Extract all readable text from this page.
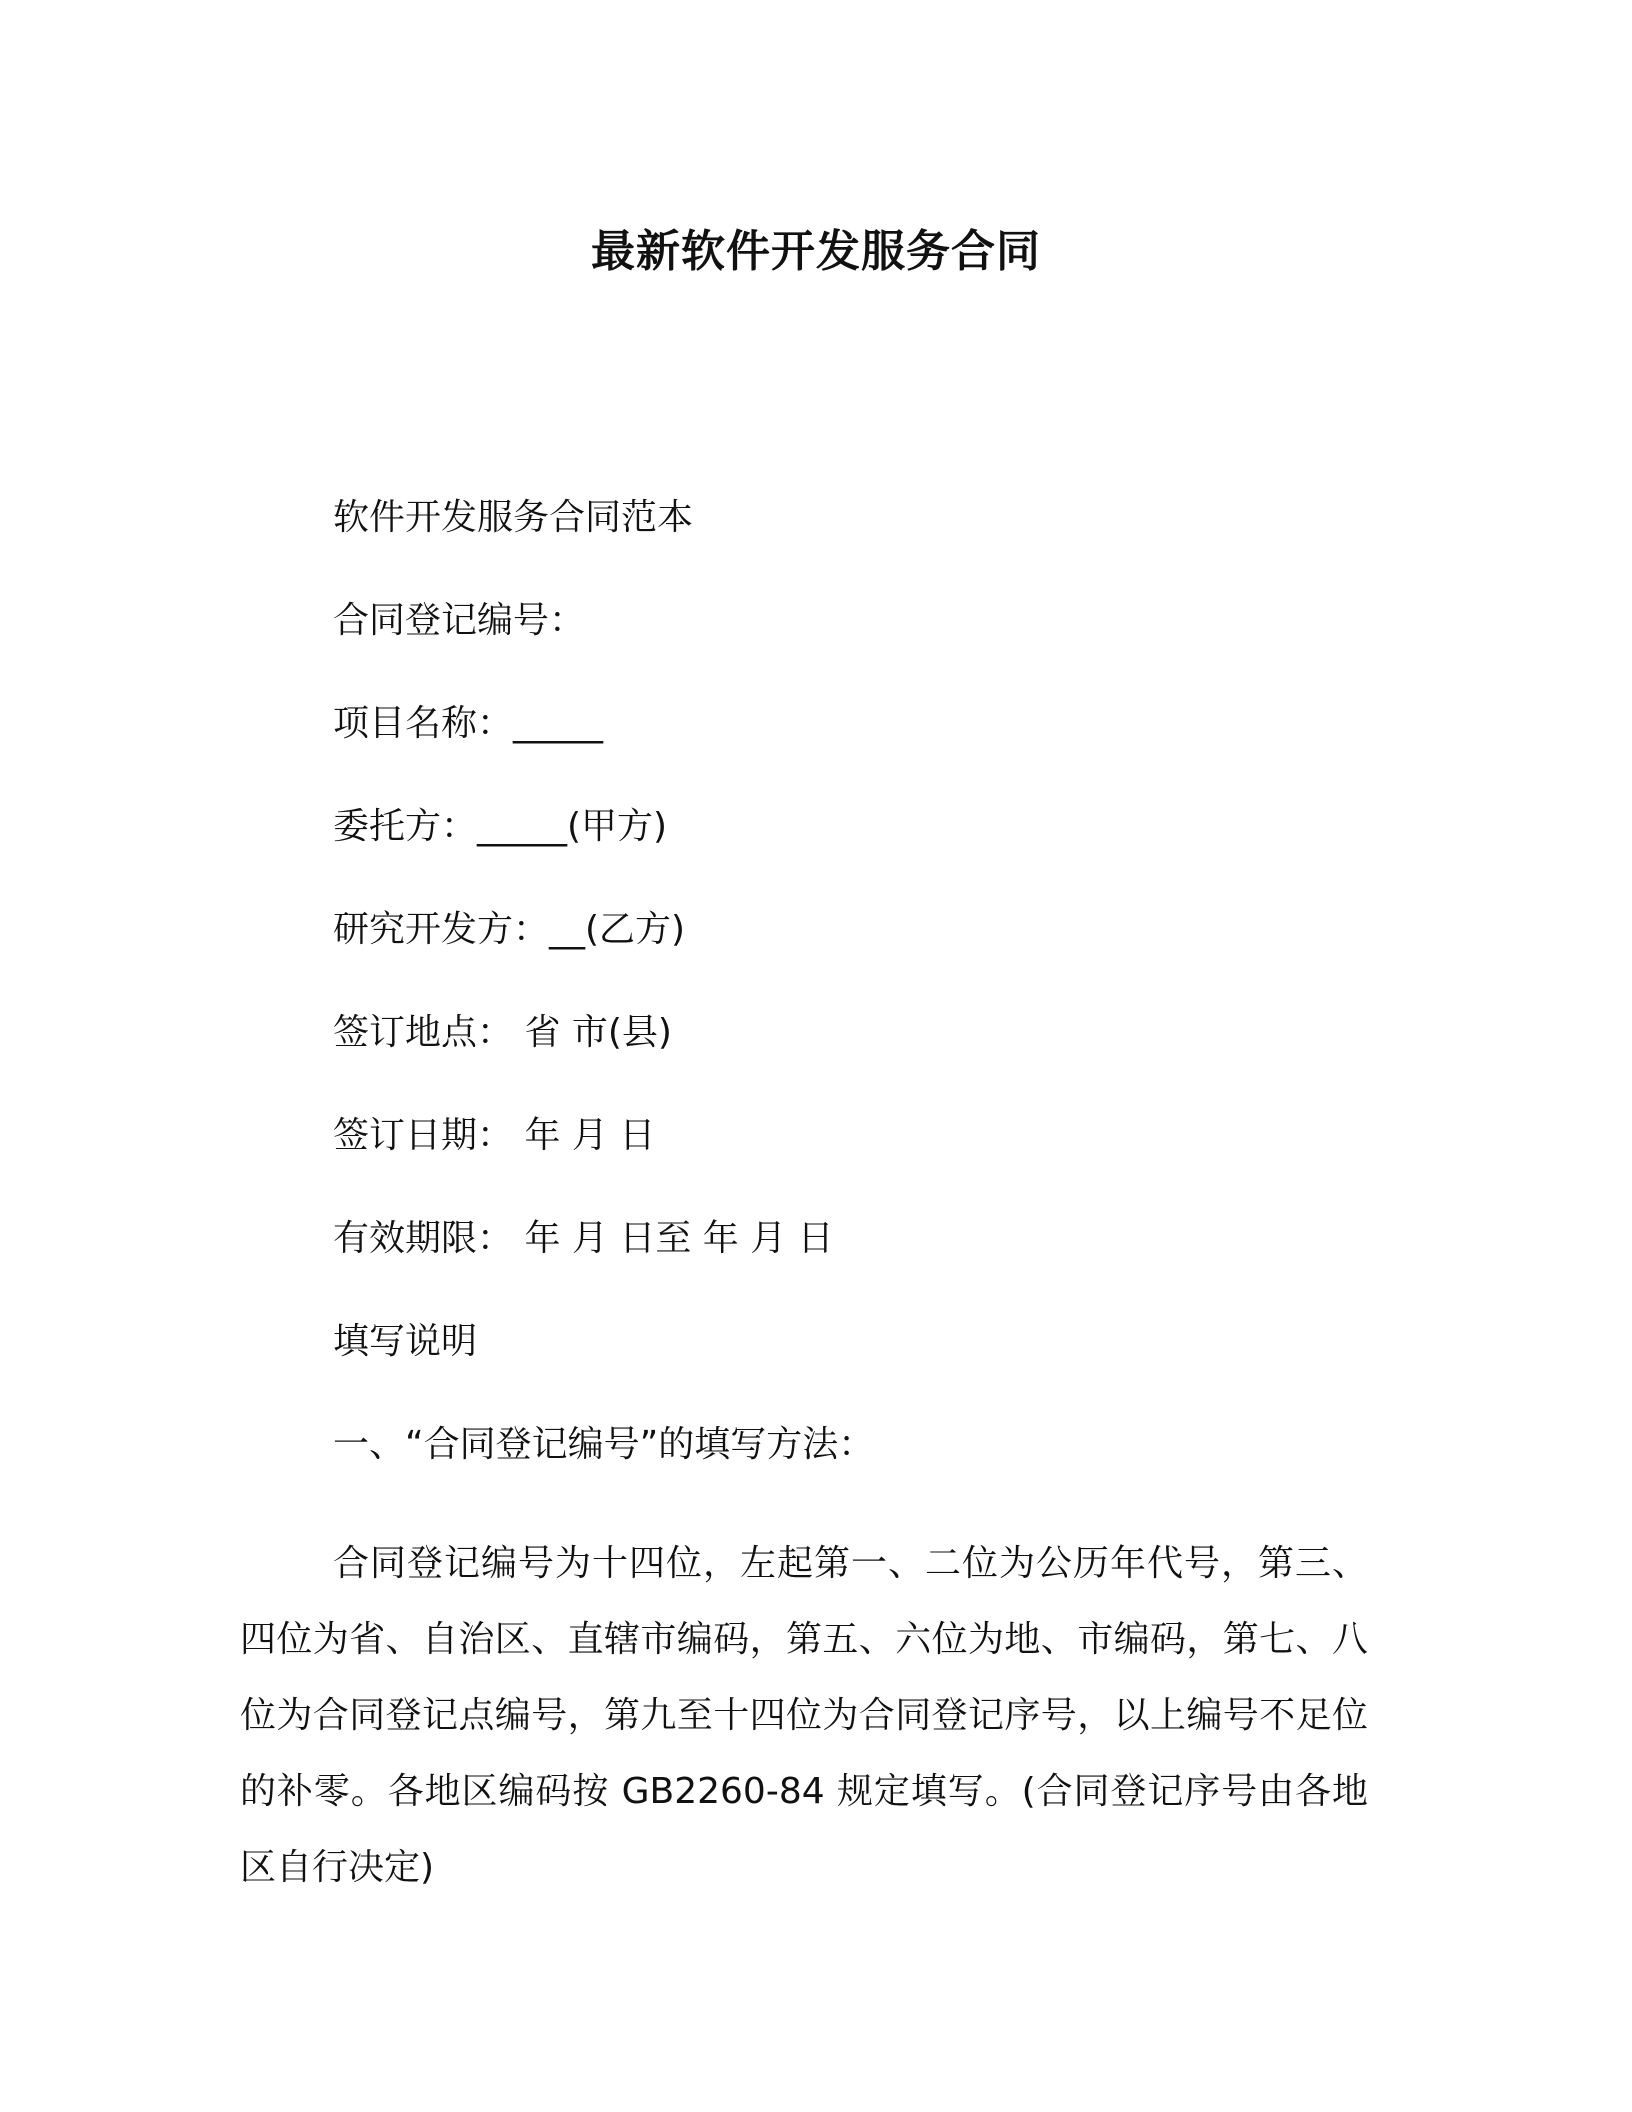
最新软件开发服务合同
软件开发服务合同范本
合同登记编号：
项目名称：_____
委托方：_____(甲方)
研究开发方：__(乙方)
签订地点： 省 市(县)
签订日期： 年 月 日
有效期限： 年 月 日至 年 月 日
填写说明
一、“合同登记编号”的填写方法：
合同登记编号为十四位，左起第一、二位为公历年代号，第三、四位为省、自治区、直辖市编码，第五、六位为地、市编码，第七、八位为合同登记点编号，第九至十四位为合同登记序号，以上编号不足位的补零。各地区编码按 GB2260-84 规定填写。(合同登记序号由各地区自行决定)
